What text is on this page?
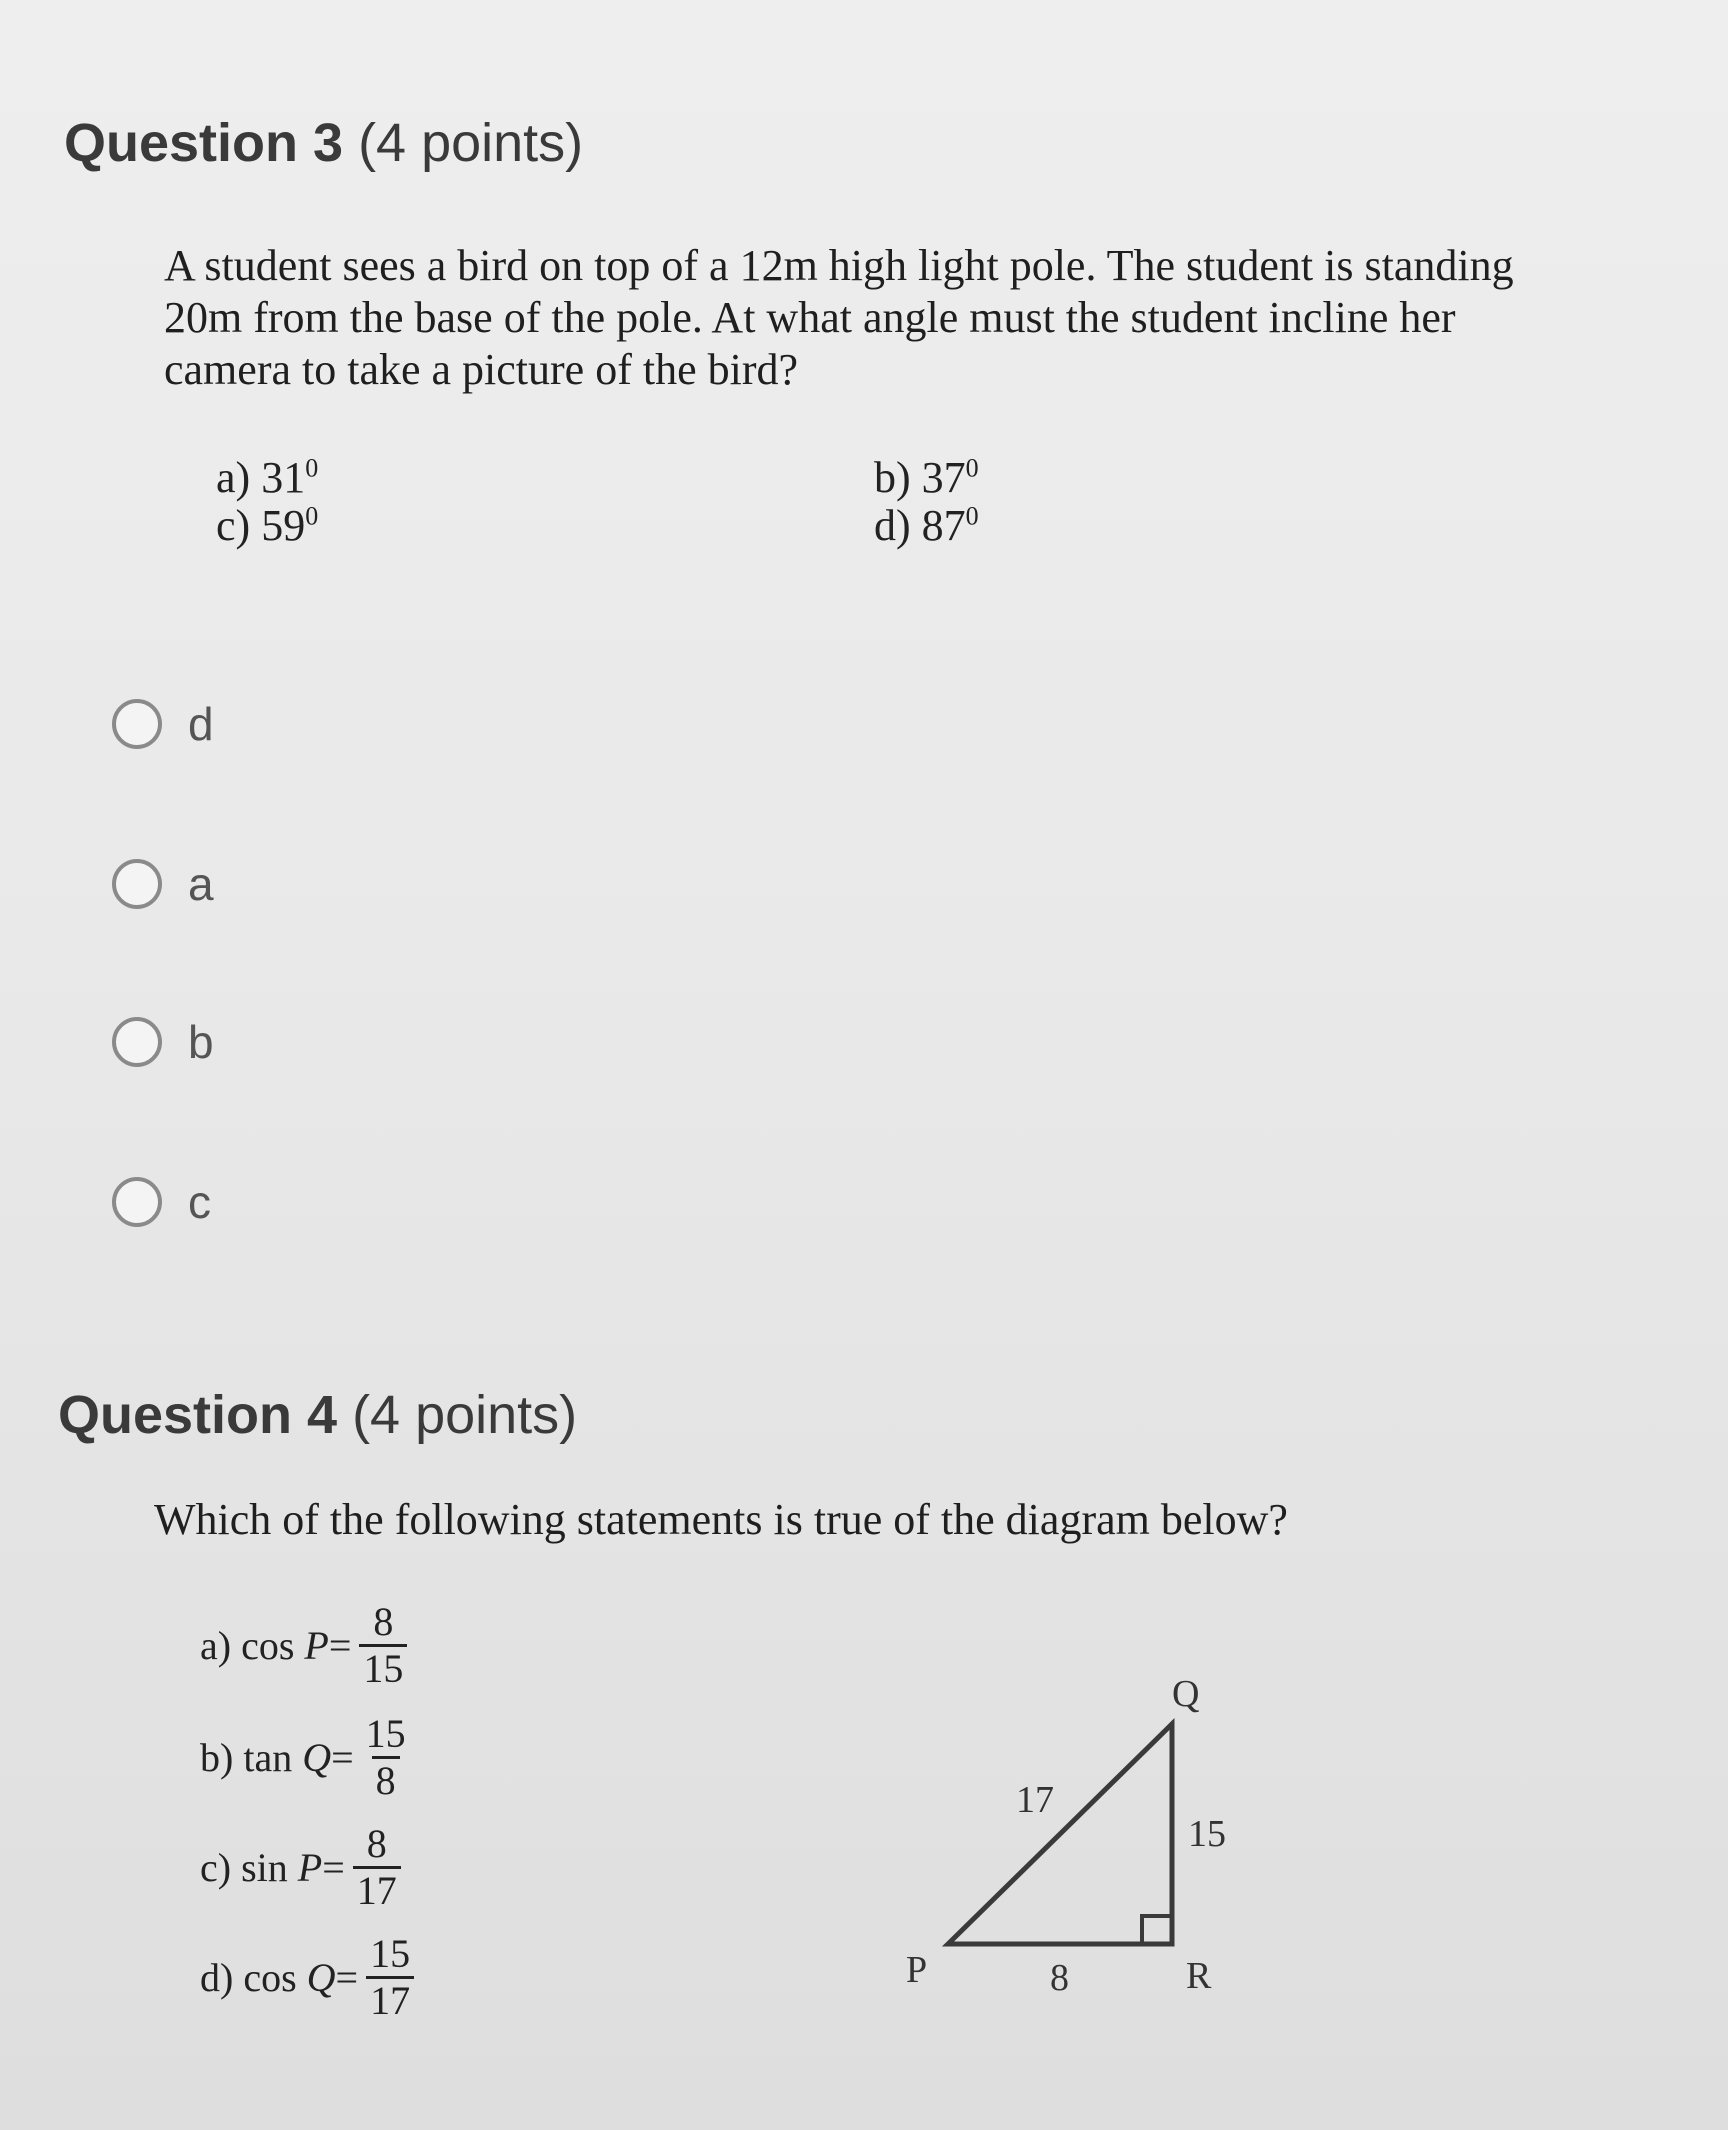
Question 3 (4 points)
A student sees a bird on top of a 12m high light pole. The student is standing 20m from the base of the pole. At what angle must the student incline her camera to take a picture of the bird?
a) $31^0$	b) $37^0$
c) $59^0$	d) $87^0$
d
a
b
c
Question 4 (4 points)
Which of the following statements is true of the diagram below?
a)
cos
$P = \frac{8}{15}$
b)
tan
$Q = \frac{15}{8}$
c)
sin
$P = \frac{8}{17}$
d)
cos
$Q = \frac{15}{17}$	P
Q
R
17
15
8
